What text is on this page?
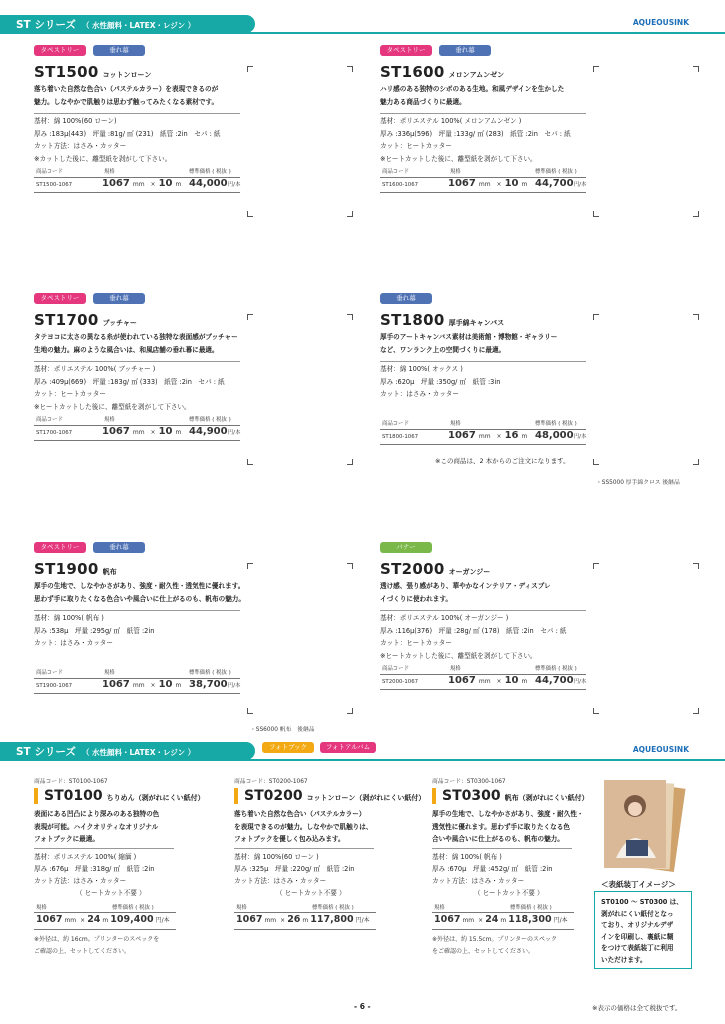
ST シリーズ （ 水性顔料・LATEX・レジン ）	AQUEOUSINK
タペストリー	垂れ幕
ST1500 コットンローン
落ち着いた自然な色合い（パステルカラー）を表現できるのが
魅力。しなやかで肌触りは思わず触ってみたくなる素材です。
基材：綿 100%(60 ローン)
厚み :183μ(443)　坪量 :81g/ ㎡ (231)　紙管 :2in　セパ : 紙
カット方法：はさみ・カッター
※カットした後に、離型紙を剥がして下さい。
商品コード	規格	標準価格 ( 税抜 )
ST1500-1067	1067 mm × 10 m 44,000円/本
タペストリー	垂れ幕
ST1600 メロンアムンゼン
ハリ感のある独特のシボのある生地。和風デザインを生かした
魅力ある商品づくりに最適。
基材：ポリエステル 100%( メロンアムンゼン )
厚み :336μ(596)　坪量 :133g/ ㎡ (283)　紙管 :2in　セパ : 紙
カット：ヒートカッター
※ヒートカットした後に、離型紙を剥がして下さい。
商品コード	規格	標準価格 ( 税抜 )
ST1600-1067	1067 mm × 10 m 44,700円/本
タペストリー	垂れ幕
ST1700 ブッチャー
タテヨコに太さの異なる糸が使われている独特な表面感がブッチャー
生地の魅力。麻のような風合いは、和風店舗の垂れ幕に最適。
基材：ポリエステル 100%( ブッチャー )
厚み :409μ(669)　坪量 :183g/ ㎡ (333)　紙管 :2in　セパ : 紙
カット：ヒートカッター
※ヒートカットした後に、離型紙を剥がして下さい。
商品コード	規格	標準価格 ( 税抜 )
ST1700-1067	1067 mm × 10 m 44,900円/本
垂れ幕
ST1800 厚手綿キャンバス
厚手のアートキャンバス素材は美術館・博物館・ギャラリー
など、ワンランク上の空間づくりに最適。
基材：綿 100%( オックス )
厚み :620μ　坪量 :350g/ ㎡　紙管 :3in
カット：はさみ・カッター
商品コード	規格	標準価格 ( 税抜 )
ST1800-1067	1067 mm × 16 m 48,000円/本
※この商品は、2 本からのご注文になります。
タペストリー	垂れ幕
ST1900 帆布
厚手の生地で、しなやかさがあり、強度・耐久性・透気性に優れます。
思わず手に取りたくなる色合いや風合いに仕上がるのも、帆布の魅力。
基材：綿 100%( 帆布 )
厚み :538μ　坪量 :295g/ ㎡　紙管 :2in
カット：はさみ・カッター
商品コード	規格	標準価格 ( 税抜 )
ST1900-1067	1067 mm × 10 m 38,700円/本
バナー
ST2000 オーガンジー
透け感、張り感があり、華やかなインテリア・ディスプレ
イづくりに使われます。
基材：ポリエステル 100%( オーガンジー )
厚み :116μ(376)　坪量 :28g/ ㎡ (178)　紙管 :2in　セパ : 紙
カット：ヒートカッター
※ヒートカットした後に、離型紙を剥がして下さい。
商品コード	規格	標準価格 ( 税抜 )
ST2000-1067	1067 mm × 10 m 44,700円/本
・SS5000 厚手綿クロス 後継品
・SS6000 帆布　後継品
ST シリーズ （ 水性顔料・LATEX・レジン ）	AQUEOUSINK
フォトブック	フォトアルバム
商品コード：ST0100-1067
ST0100 ちりめん（剥がれにくい紙付）
表面にある凹凸により深みのある独特の色
表現が可能。ハイクオリティなオリジナル
フォトブックに最適。
基材：ポリエステル 100%( 縮緬 )
厚み :676μ　坪量 :318g/ ㎡　紙管 :2in
カット方法：はさみ・カッター
（ ヒートカット不要 ）
規格	標準価格 ( 税抜 )
1067 mm × 24 m 109,400 円/本
※外径は、約 16cm。プリンターのスペックを
ご確認の上、セットしてください。
商品コード：ST0200-1067
ST0200 コットンローン（剥がれにくい紙付）
落ち着いた自然な色合い（パステルカラー）
を表現できるのが魅力。しなやかで肌触りは、
フォトブックを優しく包み込みます。
基材：綿 100%(60 ローン )
厚み :325μ　坪量 :220g/ ㎡　紙管 :2in
カット方法：はさみ・カッター
（ ヒートカット不要 ）
規格	標準価格 ( 税抜 )
1067 mm × 26 m 117,800 円/本
商品コード：ST0300-1067
ST0300 帆布（剥がれにくい紙付）
厚手の生地で、しなやかさがあり、強度・耐久性・
透気性に優れます。思わず手に取りたくなる色
合いや風合いに仕上がるのも、帆布の魅力。
基材：綿 100%( 帆布 )
厚み :670μ　坪量 :452g/ ㎡　紙管 :2in
カット方法：はさみ・カッター
（ ヒートカット不要 ）
規格	標準価格 ( 税抜 )
1067 mm × 24 m 118,300 円/本
※外径は、約 15.5cm。プリンターのスペック
をご確認の上、セットしてください。
＜表紙装丁イメージ＞
ST0100 ～ ST0300 は、
剥がれにくい紙付となっ
ており、オリジナルデザ
インを印刷し、裏紙に糊
をつけて表紙装丁に利用
いただけます。
- 6 -	※表示の価格は全て税抜です。
